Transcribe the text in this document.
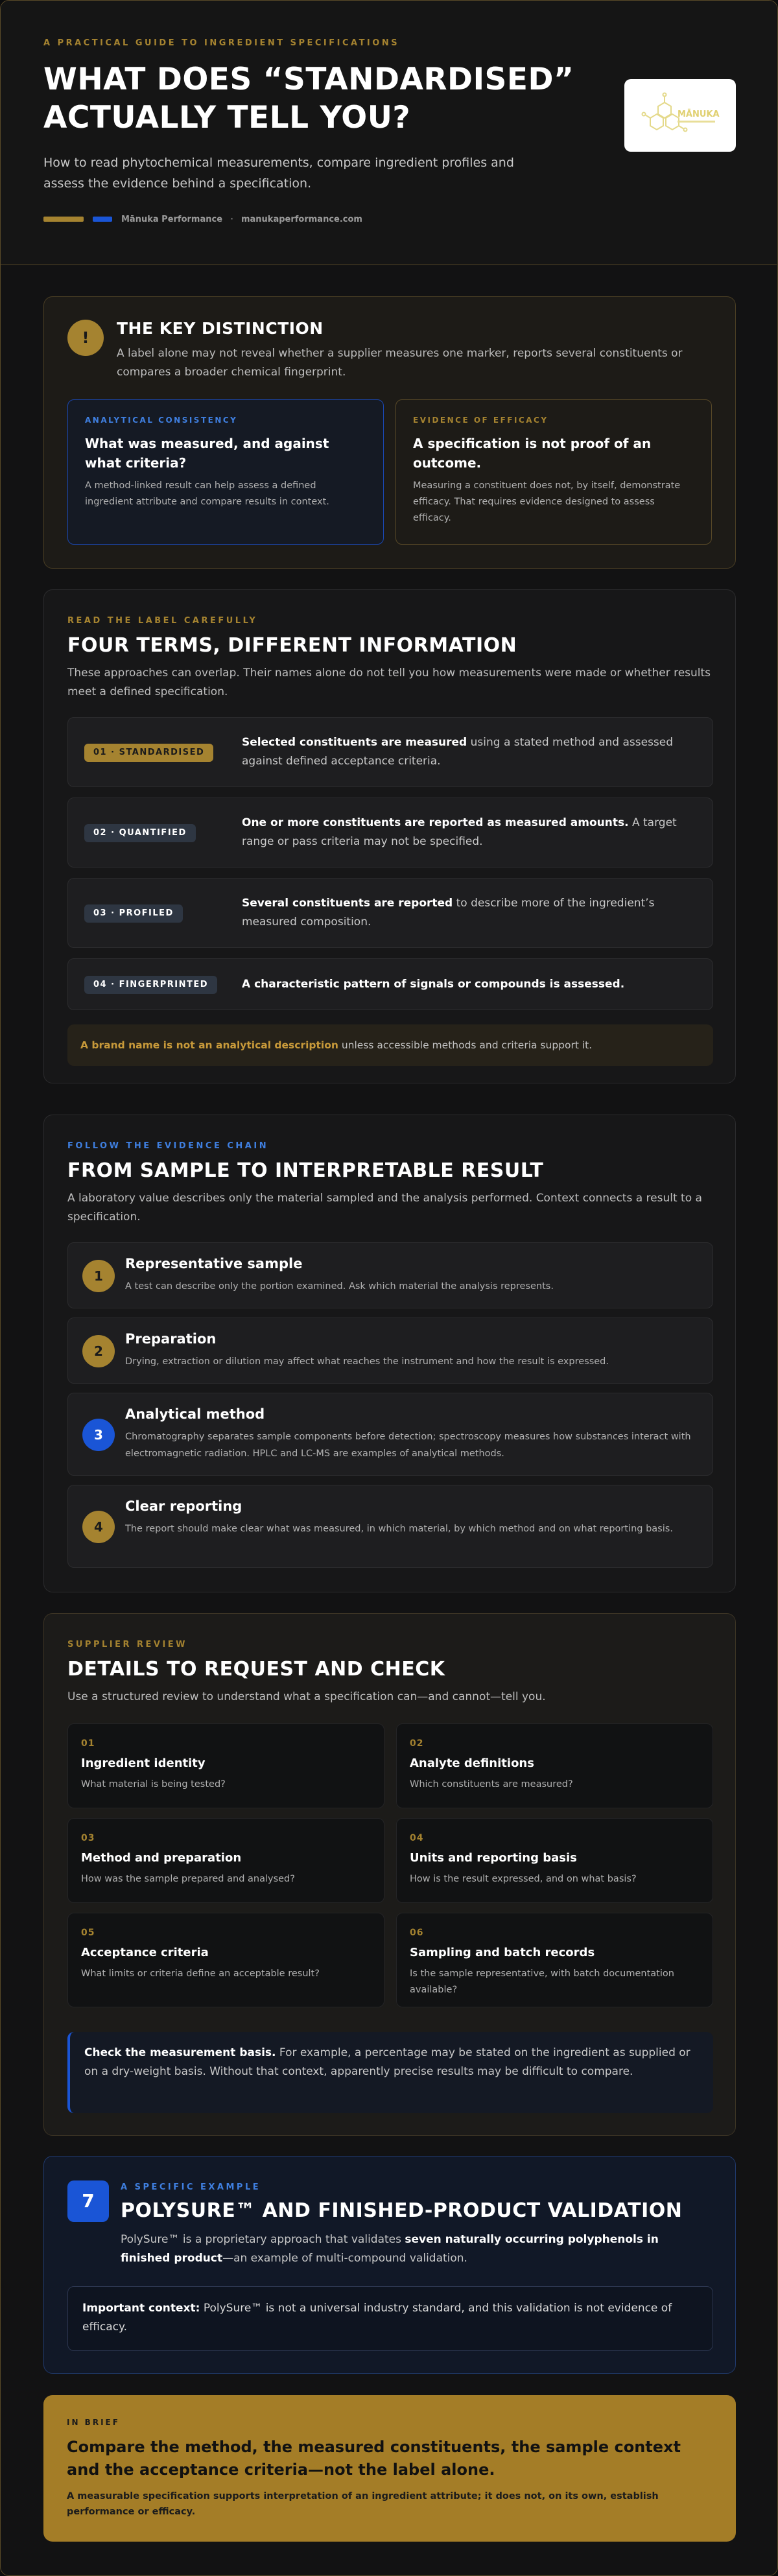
A PRACTICAL GUIDE TO INGREDIENT SPECIFICATIONS
WHAT DOES “STANDARDISED” ACTUALLY TELL YOU?
How to read phytochemical measurements, compare ingredient profiles and assess the evidence behind a specification.
Mānuka Performance · manukaperformance.com
MĀNUKA
!	THE KEY DISTINCTION
A label alone may not reveal whether a supplier measures one marker, reports several constituents or compares a broader chemical fingerprint.
ANALYTICAL CONSISTENCY
What was measured, and against what criteria?
A method-linked result can help assess a defined ingredient attribute and compare results in context.
EVIDENCE OF EFFICACY
A specification is not proof of an outcome.
Measuring a constituent does not, by itself, demonstrate efficacy. That requires evidence designed to assess efficacy.
READ THE LABEL CAREFULLY
FOUR TERMS, DIFFERENT INFORMATION
These approaches can overlap. Their names alone do not tell you how measurements were made or whether results meet a defined specification.
01 · STANDARDISED
Selected constituents are measured using a stated method and assessed against defined acceptance criteria.
02 · QUANTIFIED
One or more constituents are reported as measured amounts. A target range or pass criteria may not be specified.
03 · PROFILED
Several constituents are reported to describe more of the ingredient’s measured composition.
04 · FINGERPRINTED	A characteristic pattern of signals or compounds is assessed.
A brand name is not an analytical description unless accessible methods and criteria support it.
FOLLOW THE EVIDENCE CHAIN
FROM SAMPLE TO INTERPRETABLE RESULT
A laboratory value describes only the material sampled and the analysis performed. Context connects a result to a specification.
1
Representative sample
A test can describe only the portion examined. Ask which material the analysis represents.
2
Preparation
Drying, extraction or dilution may affect what reaches the instrument and how the result is expressed.
3
Analytical method
Chromatography separates sample components before detection; spectroscopy measures how substances interact with electromagnetic radiation. HPLC and LC-MS are examples of analytical methods.
4
Clear reporting
The report should make clear what was measured, in which material, by which method and on what reporting basis.
SUPPLIER REVIEW
DETAILS TO REQUEST AND CHECK
Use a structured review to understand what a specification can—and cannot—tell you.
01
Ingredient identity
What material is being tested?
02
Analyte definitions
Which constituents are measured?
03
Method and preparation
How was the sample prepared and analysed?
04
Units and reporting basis
How is the result expressed, and on what basis?
05
Acceptance criteria
What limits or criteria define an acceptable result?
06
Sampling and batch records
Is the sample representative, with batch documentation available?
Check the measurement basis. For example, a percentage may be stated on the ingredient as supplied or on a dry-weight basis. Without that context, apparently precise results may be difficult to compare.
7
A SPECIFIC EXAMPLE
POLYSURE™ AND FINISHED-PRODUCT VALIDATION
PolySure™ is a proprietary approach that validates seven naturally occurring polyphenols in finished product—an example of multi-compound validation.
Important context: PolySure™ is not a universal industry standard, and this validation is not evidence of efficacy.
IN BRIEF
Compare the method, the measured constituents, the sample context and the acceptance criteria—not the label alone.
A measurable specification supports interpretation of an ingredient attribute; it does not, on its own, establish performance or efficacy.
